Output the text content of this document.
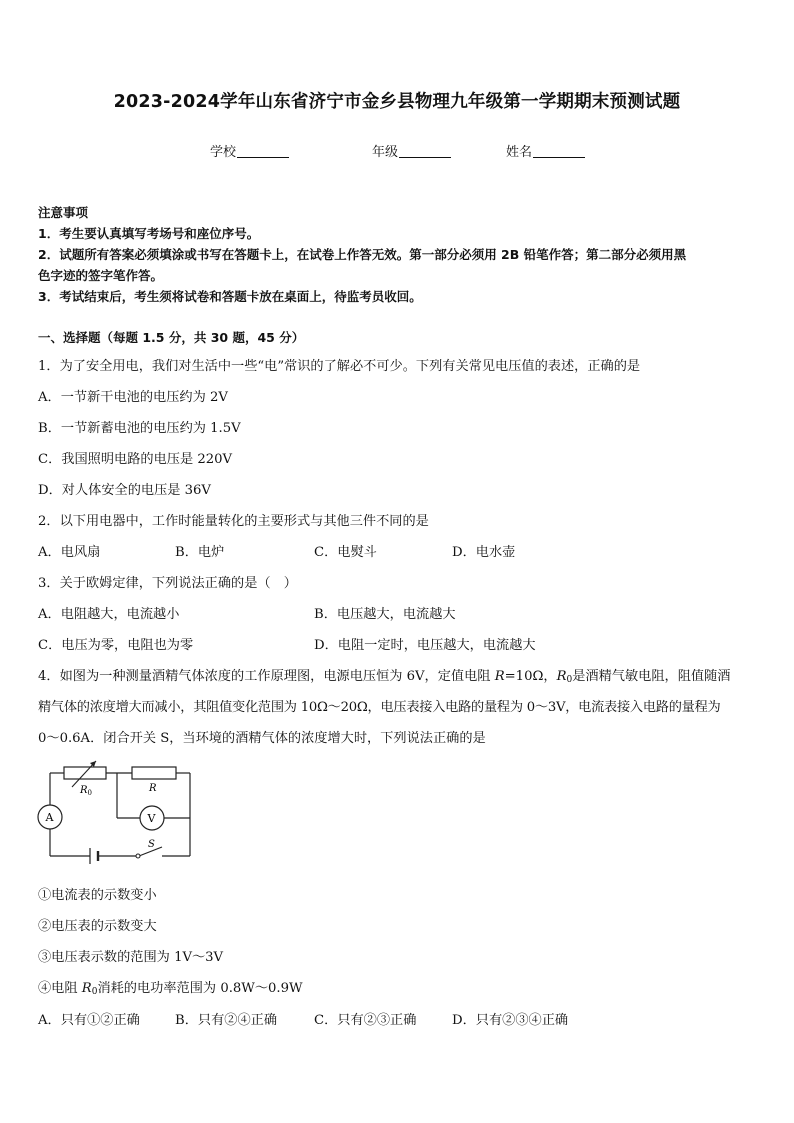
2023-2024学年山东省济宁市金乡县物理九年级第一学期期末预测试题
学校	年级	姓名
注意事项
1．考生要认真填写考场号和座位序号。
2．试题所有答案必须填涂或书写在答题卡上，在试卷上作答无效。第一部分必须用 2B 铅笔作答；第二部分必须用黑
色字迹的签字笔作答。
3．考试结束后，考生须将试卷和答题卡放在桌面上，待监考员收回。
一、选择题（每题 1.5 分，共 30 题，45 分）
1．为了安全用电，我们对生活中一些“电”常识的了解必不可少。下列有关常见电压值的表述，正确的是
A．一节新干电池的电压约为 2V
B．一节新蓄电池的电压约为 1.5V
C．我国照明电路的电压是 220V
D．对人体安全的电压是 36V
2．以下用电器中，工作时能量转化的主要形式与其他三件不同的是
A．电风扇	B．电炉	C．电熨斗	D．电水壶
3．关于欧姆定律，下列说法正确的是（　）
A．电阻越大，电流越小	B．电压越大，电流越大
C．电压为零，电阻也为零	D．电阻一定时，电压越大，电流越大
4．如图为一种测量酒精气体浓度的工作原理图，电源电压恒为 6V，定值电阻 R=10Ω，$R_0$是酒精气敏电阻，阻值随酒
精气体的浓度增大而减小，其阻值变化范围为 10Ω～20Ω，电压表接入电路的量程为 0～3V，电流表接入电路的量程为
0～0.6A．闭合开关 S，当环境的酒精气体的浓度增大时，下列说法正确的是
$R_0$	R
A	V
S
①电流表的示数变小
②电压表的示数变大
③电压表示数的范围为 1V～3V
④电阻 $R_0$消耗的电功率范围为 0.8W～0.9W
A．只有①②正确	B．只有②④正确	C．只有②③正确	D．只有②③④正确
